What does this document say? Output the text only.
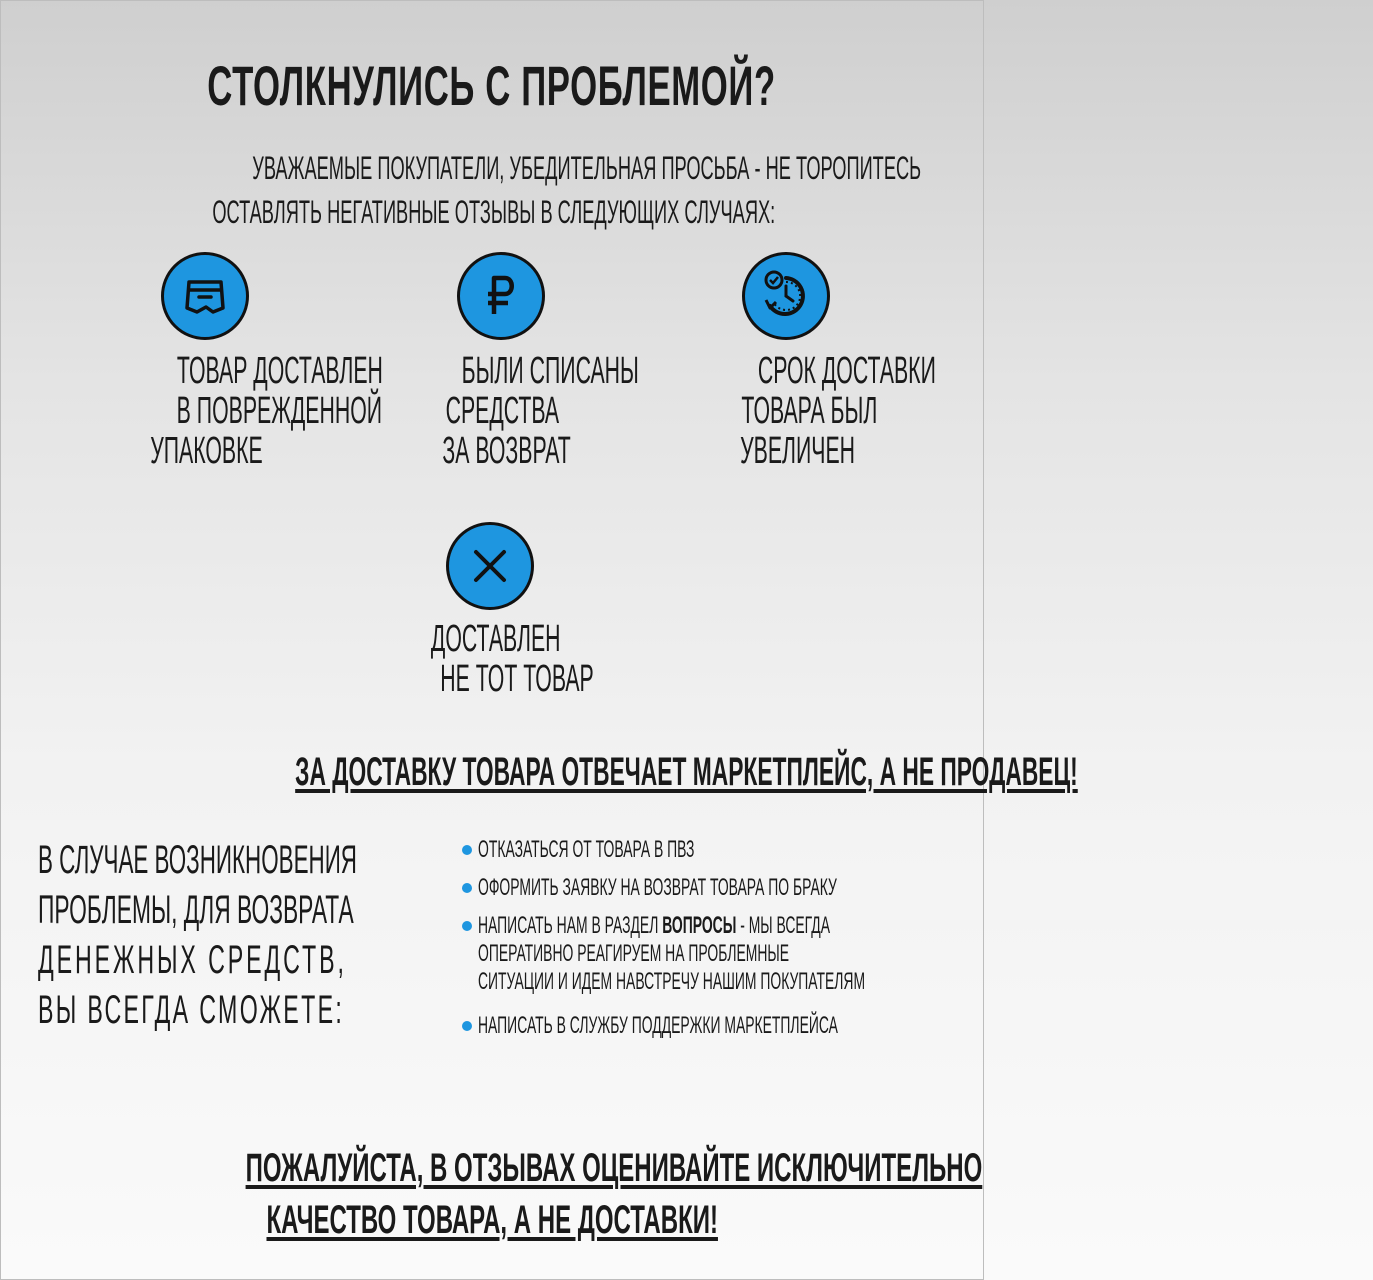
СТОЛКНУЛИСЬ С ПРОБЛЕМОЙ?
УВАЖАЕМЫЕ ПОКУПАТЕЛИ, УБЕДИТЕЛЬНАЯ ПРОСЬБА - НЕ ТОРОПИТЕСЬ
ОСТАВЛЯТЬ НЕГАТИВНЫЕ ОТЗЫВЫ В СЛЕДУЮЩИХ СЛУЧАЯХ:
ТОВАР ДОСТАВЛЕН
В ПОВРЕЖДЕННОЙ
УПАКОВКЕ
БЫЛИ СПИСАНЫ
СРЕДСТВА
ЗА ВОЗВРАТ
СРОК ДОСТАВКИ
ТОВАРА БЫЛ
УВЕЛИЧЕН
ДОСТАВЛЕН
НЕ ТОТ ТОВАР
ЗА ДОСТАВКУ ТОВАРА ОТВЕЧАЕТ МАРКЕТПЛЕЙС, А НЕ ПРОДАВЕЦ!
В СЛУЧАЕ ВОЗНИКНОВЕНИЯ
ПРОБЛЕМЫ, ДЛЯ ВОЗВРАТА
ДЕНЕЖНЫХ СРЕДСТВ,
ВЫ ВСЕГДА СМОЖЕТЕ:
ОТКАЗАТЬСЯ ОТ ТОВАРА В ПВЗ
ОФОРМИТЬ ЗАЯВКУ НА ВОЗВРАТ ТОВАРА ПО БРАКУ
НАПИСАТЬ НАМ В РАЗДЕЛ ВОПРОСЫ - МЫ ВСЕГДА
ОПЕРАТИВНО РЕАГИРУЕМ НА ПРОБЛЕМНЫЕ
СИТУАЦИИ И ИДЕМ НАВСТРЕЧУ НАШИМ ПОКУПАТЕЛЯМ
НАПИСАТЬ В СЛУЖБУ ПОДДЕРЖКИ МАРКЕТПЛЕЙСА
ПОЖАЛУЙСТА, В ОТЗЫВАХ ОЦЕНИВАЙТЕ ИСКЛЮЧИТЕЛЬНО
КАЧЕСТВО ТОВАРА, А НЕ ДОСТАВКИ!
